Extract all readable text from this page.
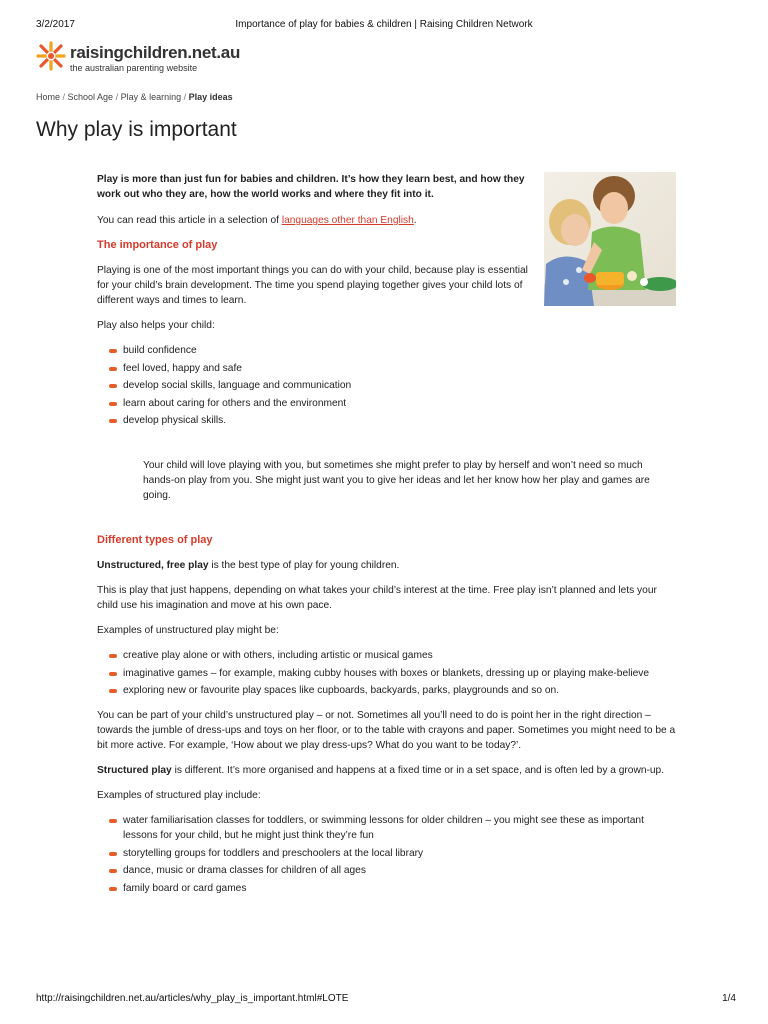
3/2/2017	Importance of play for babies & children | Raising Children Network
raisingchildren.net.au
the australian parenting website
Home / School Age / Play & learning / Play ideas
Why play is important

Play is more than just fun for babies and children. It’s how they learn best, and how they work out who they are, how the world works and where they fit into it.

You can read this article in a selection of languages other than English.

The importance of play

Playing is one of the most important things you can do with your child, because play is essential for your child’s brain development. The time you spend playing together gives your child lots of different ways and times to learn.

Play also helps your child:

build confidence
feel loved, happy and safe
develop social skills, language and communication
learn about caring for others and the environment
develop physical skills.

Your child will love playing with you, but sometimes she might prefer to play by herself and won’t need so much hands-on play from you. She might just want you to give her ideas and let her know how her play and games are going.

Different types of play

Unstructured, free play is the best type of play for young children.

This is play that just happens, depending on what takes your child’s interest at the time. Free play isn’t planned and lets your child use his imagination and move at his own pace.

Examples of unstructured play might be:

creative play alone or with others, including artistic or musical games
imaginative games – for example, making cubby houses with boxes or blankets, dressing up or playing make-believe
exploring new or favourite play spaces like cupboards, backyards, parks, playgrounds and so on.

You can be part of your child’s unstructured play – or not. Sometimes all you’ll need to do is point her in the right direction – towards the jumble of dress-ups and toys on her floor, or to the table with crayons and paper. Sometimes you might need to be a bit more active. For example, ‘How about we play dress-ups? What do you want to be today?’.

Structured play is different. It’s more organised and happens at a fixed time or in a set space, and is often led by a grown-up.

Examples of structured play include:

water familiarisation classes for toddlers, or swimming lessons for older children – you might see these as important lessons for your child, but he might just think they’re fun
storytelling groups for toddlers and preschoolers at the local library
dance, music or drama classes for children of all ages
family board or card games
http://raisingchildren.net.au/articles/why_play_is_important.html#LOTE	1/4
